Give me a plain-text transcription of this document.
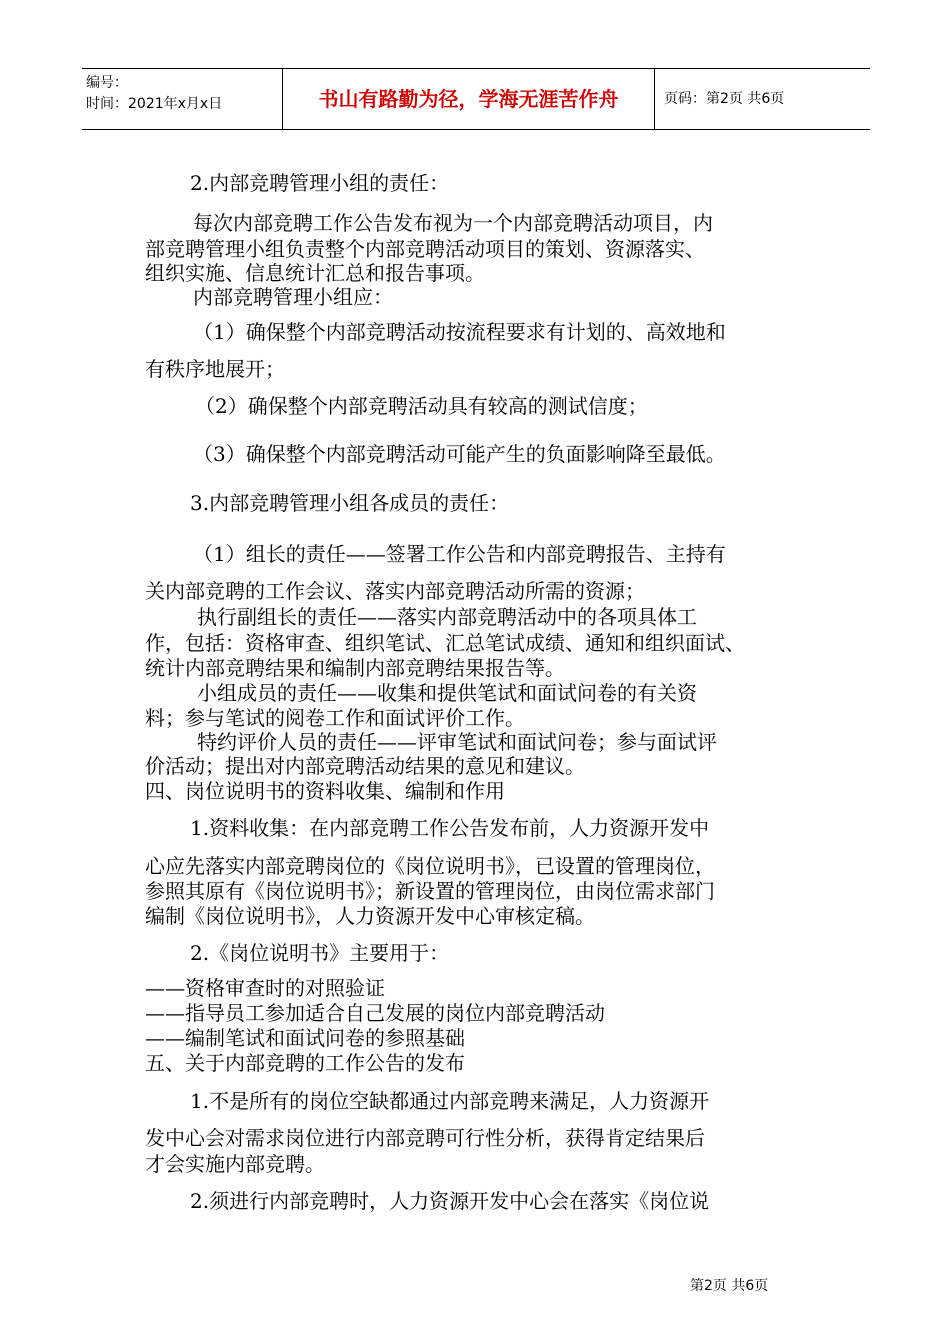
编号：
时间：2021年x月x日	书山有路勤为径，学海无涯苦作舟	页码：第2页 共6页
2.内部竞聘管理小组的责任：
每次内部竞聘工作公告发布视为一个内部竞聘活动项目，内
部竞聘管理小组负责整个内部竞聘活动项目的策划、资源落实、
组织实施、信息统计汇总和报告事项。
内部竞聘管理小组应：
（1）确保整个内部竞聘活动按流程要求有计划的、高效地和
有秩序地展开；
（2）确保整个内部竞聘活动具有较高的测试信度；
（3）确保整个内部竞聘活动可能产生的负面影响降至最低。
3.内部竞聘管理小组各成员的责任：
（1）组长的责任——签署工作公告和内部竞聘报告、主持有
关内部竞聘的工作会议、落实内部竞聘活动所需的资源；
执行副组长的责任——落实内部竞聘活动中的各项具体工
作，包括：资格审查、组织笔试、汇总笔试成绩、通知和组织面试、
统计内部竞聘结果和编制内部竞聘结果报告等。
小组成员的责任——收集和提供笔试和面试问卷的有关资
料；参与笔试的阅卷工作和面试评价工作。
特约评价人员的责任——评审笔试和面试问卷；参与面试评
价活动；提出对内部竞聘活动结果的意见和建议。
四、岗位说明书的资料收集、编制和作用
1.资料收集：在内部竞聘工作公告发布前，人力资源开发中
心应先落实内部竞聘岗位的《岗位说明书》，已设置的管理岗位，
参照其原有《岗位说明书》；新设置的管理岗位，由岗位需求部门
编制《岗位说明书》，人力资源开发中心审核定稿。
2.《岗位说明书》主要用于：
——资格审查时的对照验证
——指导员工参加适合自己发展的岗位内部竞聘活动
——编制笔试和面试问卷的参照基础
五、关于内部竞聘的工作公告的发布
1.不是所有的岗位空缺都通过内部竞聘来满足，人力资源开
发中心会对需求岗位进行内部竞聘可行性分析，获得肯定结果后
才会实施内部竞聘。
2.须进行内部竞聘时，人力资源开发中心会在落实《岗位说
第2页 共6页
